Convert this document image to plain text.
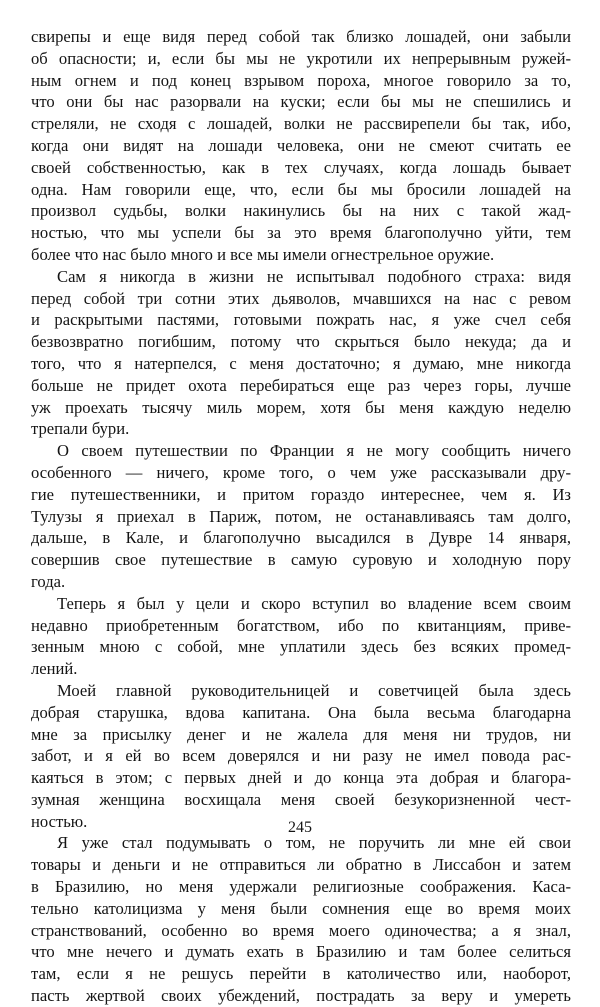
свирепы и еще видя перед собой так близко лошадей, они забыли
об опасности; и, если бы мы не укротили их непрерывным ружей-
ным огнем и под конец взрывом пороха, многое говорило за то,
что они бы нас разорвали на куски; если бы мы не спешились и
стреляли, не сходя с лошадей, волки не рассвирепели бы так, ибо,
когда они видят на лошади человека, они не смеют считать ее
своей собственностью, как в тех случаях, когда лошадь бывает
одна. Нам говорили еще, что, если бы мы бросили лошадей на
произвол судьбы, волки накинулись бы на них с такой жад-
ностью, что мы успели бы за это время благополучно уйти, тем
более что нас было много и все мы имели огнестрельное оружие.
Сам я никогда в жизни не испытывал подобного страха: видя
перед собой три сотни этих дьяволов, мчавшихся на нас с ревом
и раскрытыми пастями, готовыми пожрать нас, я уже счел себя
безвозвратно погибшим, потому что скрыться было некуда; да и
того, что я натерпелся, с меня достаточно; я думаю, мне никогда
больше не придет охота перебираться еще раз через горы, лучше
уж проехать тысячу миль морем, хотя бы меня каждую неделю
трепали бури.
О своем путешествии по Франции я не могу сообщить ничего
особенного — ничего, кроме того, о чем уже рассказывали дру-
гие путешественники, и притом гораздо интереснее, чем я. Из
Тулузы я приехал в Париж, потом, не останавливаясь там долго,
дальше, в Кале, и благополучно высадился в Дувре 14 января,
совершив свое путешествие в самую суровую и холодную пору
года.
Теперь я был у цели и скоро вступил во владение всем своим
недавно приобретенным богатством, ибо по квитанциям, приве-
зенным мною с собой, мне уплатили здесь без всяких промед-
лений.
Моей главной руководительницей и советчицей была здесь
добрая старушка, вдова капитана. Она была весьма благодарна
мне за присылку денег и не жалела для меня ни трудов, ни
забот, и я ей во всем доверялся и ни разу не имел повода рас-
каяться в этом; с первых дней и до конца эта добрая и благора-
зумная женщина восхищала меня своей безукоризненной чест-
ностью.
Я уже стал подумывать о том, не поручить ли мне ей свои
товары и деньги и не отправиться ли обратно в Лиссабон и затем
в Бразилию, но меня удержали религиозные соображения. Каса-
тельно католицизма у меня были сомнения еще во время моих
странствований, особенно во время моего одиночества; а я знал,
что мне нечего и думать ехать в Бразилию и там более селиться
там, если я не решусь перейти в католичество или, наоборот,
пасть жертвой своих убеждений, пострадать за веру и умереть
245
